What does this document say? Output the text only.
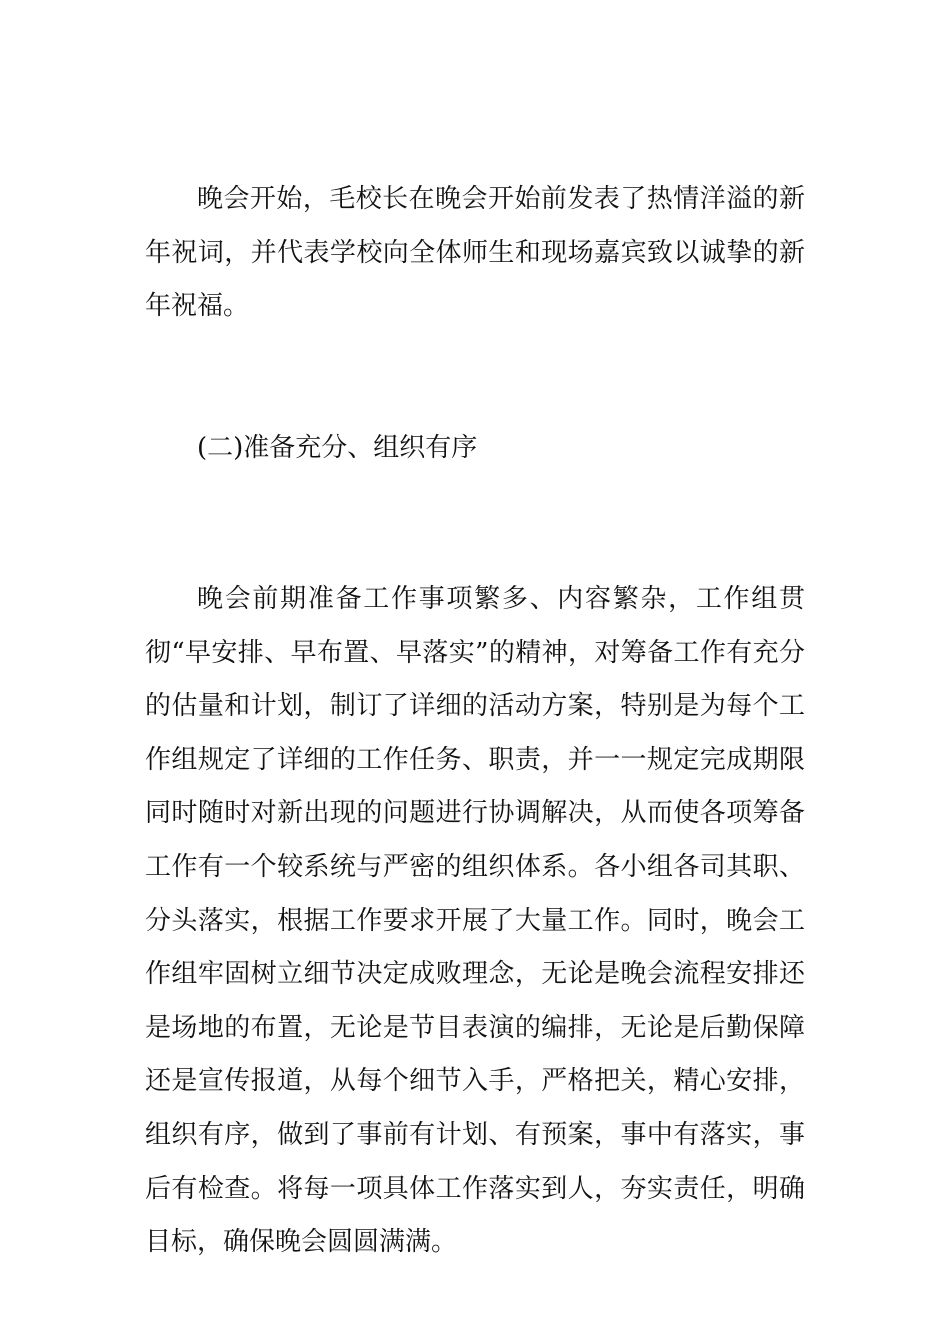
晚会开始，毛校长在晚会开始前发表了热情洋溢的新年祝词，并代表学校向全体师生和现场嘉宾致以诚挚的新年祝福。

(二)准备充分、组织有序

晚会前期准备工作事项繁多、内容繁杂，工作组贯彻“早安排、早布置、早落实”的精神，对筹备工作有充分的估量和计划，制订了详细的活动方案，特别是为每个工作组规定了详细的工作任务、职责，并一一规定完成期限同时随时对新出现的问题进行协调解决，从而使各项筹备工作有一个较系统与严密的组织体系。各小组各司其职、分头落实，根据工作要求开展了大量工作。同时，晚会工作组牢固树立细节决定成败理念，无论是晚会流程安排还是场地的布置，无论是节目表演的编排，无论是后勤保障还是宣传报道，从每个细节入手，严格把关，精心安排，组织有序，做到了事前有计划、有预案，事中有落实，事后有检查。将每一项具体工作落实到人，夯实责任，明确目标，确保晚会圆圆满满。
